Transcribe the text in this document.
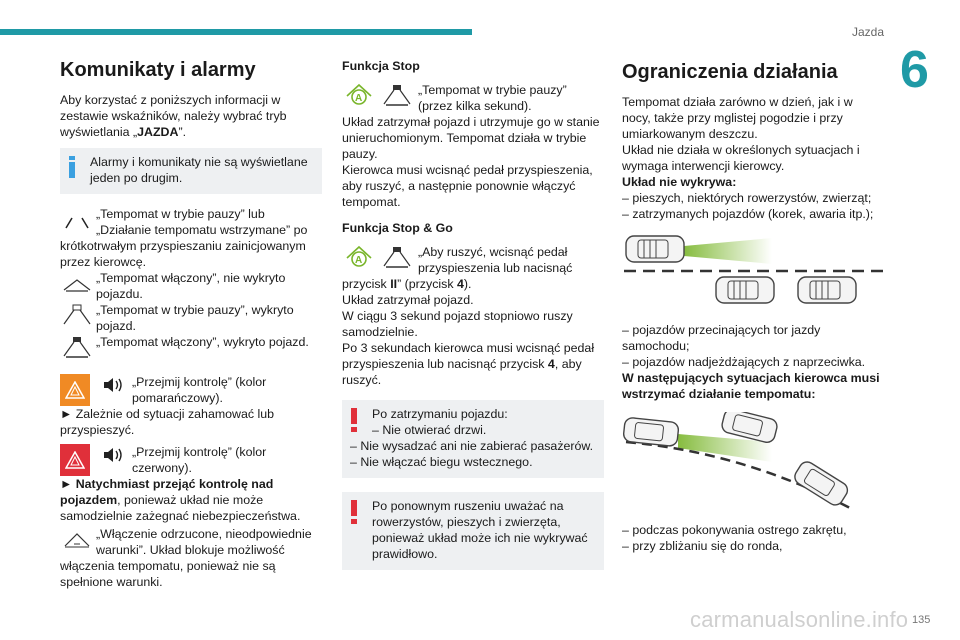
Jazda
6
Komunikaty i alarmy

Aby korzystać z poniższych informacji w zestawie wskaźników, należy wybrać tryb wyświetlania „JAZDA”.

Alarmy i komunikaty nie są wyświetlane jeden po drugim.
„Tempomat w trybie pauzy” lub „Działanie tempomatu wstrzymane” po

krótkotrwałym przyspieszaniu zainicjowanym przez kierowcę.

„Tempomat włączony”, nie wykryto pojazdu.
„Tempomat w trybie pauzy”, wykryto pojazd.
„Tempomat włączony”, wykryto pojazd.
„Przejmij kontrolę” (kolor pomarańczowy).

► Zależnie od sytuacji zahamować lub przyspieszyć.

„Przejmij kontrolę” (kolor czerwony).

► Natychmiast przejąć kontrolę nad pojazdem, ponieważ układ nie może samodzielnie zażegnać niebezpieczeństwa.

„Włączenie odrzucone, nieodpowiednie warunki”. Układ blokuje możliwość

włączenia tempomatu, ponieważ nie są spełnione warunki.

Funkcja Stop
A
„Tempomat w trybie pauzy” (przez kilka sekund).

Układ zatrzymał pojazd i utrzymuje go w stanie unieruchomionym. Tempomat działa w trybie pauzy.

Kierowca musi wcisnąć pedał przyspieszenia, aby ruszyć, a następnie ponownie włączyć tempomat.

Funkcja Stop & Go
A
„Aby ruszyć, wcisnąć pedał przyspieszenia lub nacisnąć

przycisk II” (przycisk 4).

Układ zatrzymał pojazd.

W ciągu 3 sekund pojazd stopniowo ruszy samodzielnie.

Po 3 sekundach kierowca musi wcisnąć pedał przyspieszenia lub nacisnąć przycisk 4, aby ruszyć.

Po zatrzymaniu pojazdu:
– Nie otwierać drzwi.
– Nie wysadzać ani nie zabierać pasażerów.
– Nie włączać biegu wstecznego.
Po ponownym ruszeniu uważać na rowerzystów, pieszych i zwierzęta, ponieważ układ może ich nie wykrywać prawidłowo.
Ograniczenia działania

Tempomat działa zarówno w dzień, jak i w nocy, także przy mglistej pogodzie i przy umiarkowanym deszczu.

Układ nie działa w określonych sytuacjach i wymaga interwencji kierowcy.

Układ nie wykrywa:

– pieszych, niektórych rowerzystów, zwierząt;

– zatrzymanych pojazdów (korek, awaria itp.);

– pojazdów przecinających tor jazdy samochodu;

– pojazdów nadjeżdżających z naprzeciwka.

W następujących sytuacjach kierowca musi wstrzymać działanie tempomatu:

– podczas pokonywania ostrego zakrętu,

– przy zbliżaniu się do ronda,

carmanualsonline.info 135
